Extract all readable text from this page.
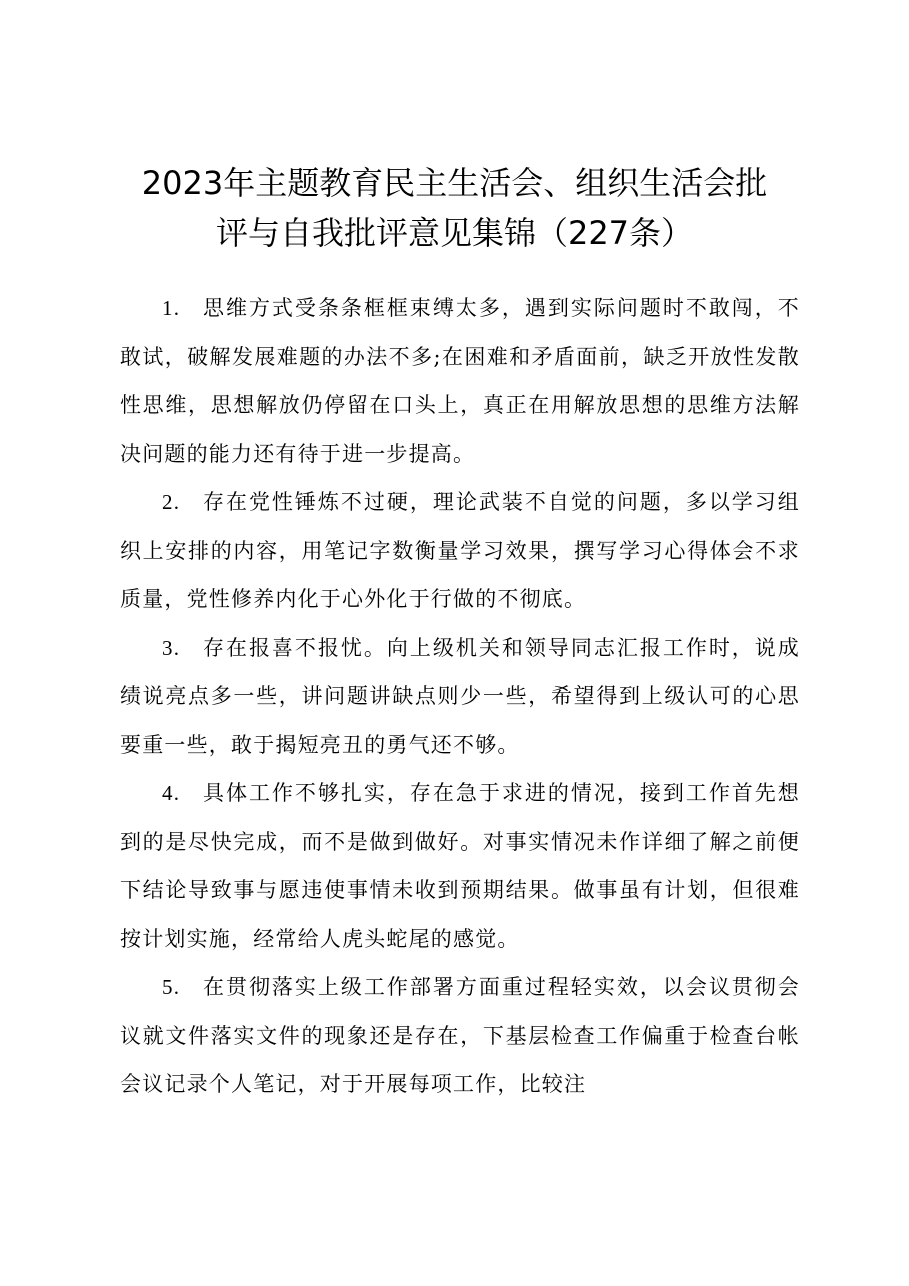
2023年主题教育民主生活会、组织生活会批
评与自我批评意见集锦（227条）

1. 思维方式受条条框框束缚太多，遇到实际问题时不敢闯，不敢试，破解发展难题的办法不多;在困难和矛盾面前，缺乏开放性发散性思维，思想解放仍停留在口头上，真正在用解放思想的思维方法解决问题的能力还有待于进一步提高。

2. 存在党性锤炼不过硬，理论武装不自觉的问题，多以学习组织上安排的内容，用笔记字数衡量学习效果，撰写学习心得体会不求质量，党性修养内化于心外化于行做的不彻底。

3. 存在报喜不报忧。向上级机关和领导同志汇报工作时，说成绩说亮点多一些，讲问题讲缺点则少一些，希望得到上级认可的心思要重一些，敢于揭短亮丑的勇气还不够。

4. 具体工作不够扎实，存在急于求进的情况，接到工作首先想到的是尽快完成，而不是做到做好。对事实情况未作详细了解之前便下结论导致事与愿违使事情未收到预期结果。做事虽有计划，但很难按计划实施，经常给人虎头蛇尾的感觉。

5. 在贯彻落实上级工作部署方面重过程轻实效，以会议贯彻会议就文件落实文件的现象还是存在，下基层检查工作偏重于检查台帐会议记录个人笔记，对于开展每项工作，比较注
